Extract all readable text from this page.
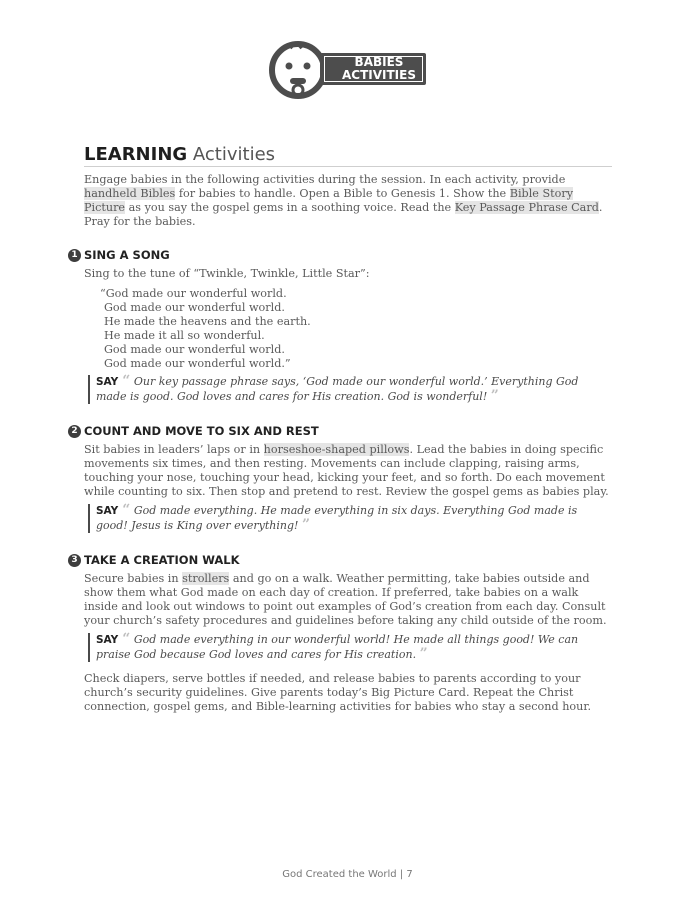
BABIES
ACTIVITIES
LEARNING Activities
Engage babies in the following activities during the session. In each activity, provide handheld Bibles for babies to handle. Open a Bible to Genesis 1. Show the Bible Story Picture as you say the gospel gems in a soothing voice. Read the Key Passage Phrase Card. Pray for the babies.
1 SING A SONG
Sing to the tune of “Twinkle, Twinkle, Little Star”:
“God made our wonderful world.
God made our wonderful world.
He made the heavens and the earth.
He made it all so wonderful.
God made our wonderful world.
God made our wonderful world.”
SAY “ Our key passage phrase says, ‘God made our wonderful world.’ Everything God made is good. God loves and cares for His creation. God is wonderful! ”
2 COUNT AND MOVE TO SIX AND REST
Sit babies in leaders’ laps or in horseshoe-shaped pillows. Lead the babies in doing specific movements six times, and then resting. Movements can include clapping, raising arms, touching your nose, touching your head, kicking your feet, and so forth. Do each movement while counting to six. Then stop and pretend to rest. Review the gospel gems as babies play.
SAY “ God made everything. He made everything in six days. Everything God made is good! Jesus is King over everything! ”
3 TAKE A CREATION WALK
Secure babies in strollers and go on a walk. Weather permitting, take babies outside and show them what God made on each day of creation. If preferred, take babies on a walk inside and look out windows to point out examples of God’s creation from each day. Consult your church’s safety procedures and guidelines before taking any child outside of the room.
SAY “ God made everything in our wonderful world! He made all things good! We can praise God because God loves and cares for His creation. ”
Check diapers, serve bottles if needed, and release babies to parents according to your church’s security guidelines. Give parents today’s Big Picture Card. Repeat the Christ connection, gospel gems, and Bible-learning activities for babies who stay a second hour.
God Created the World | 7
